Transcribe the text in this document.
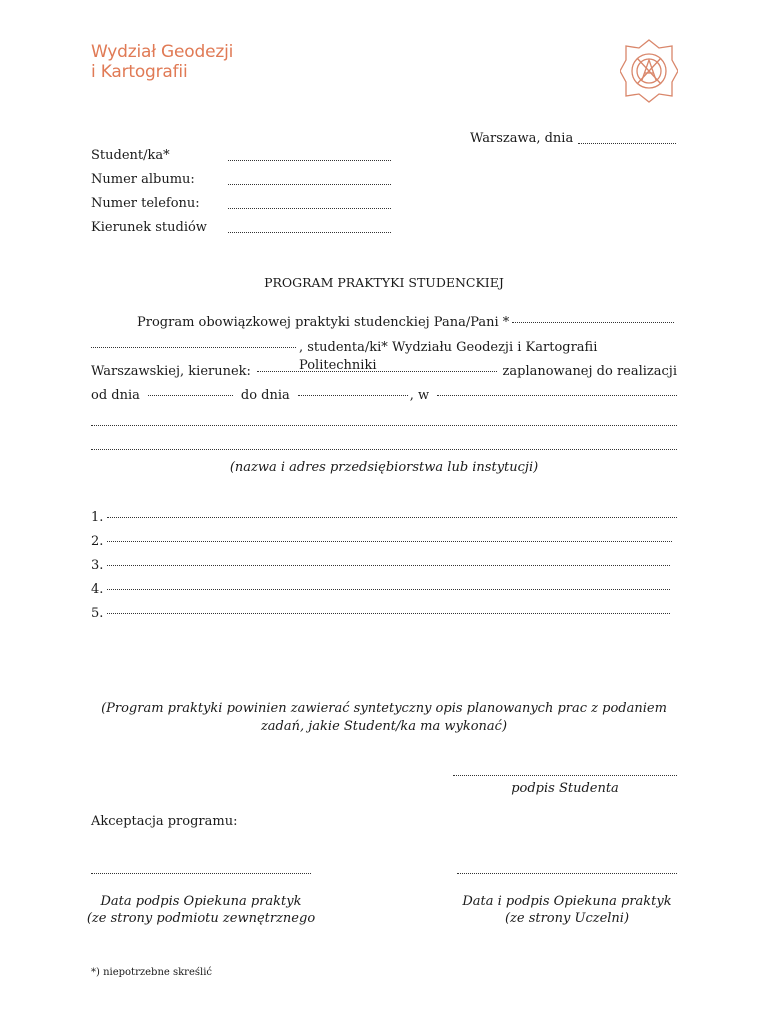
Wydział Geodezji
i Kartografii
Warszawa, dnia
Student/ka*
Numer albumu:
Numer telefonu:
Kierunek studiów
PROGRAM PRAKTYKI STUDENCKIEJ
Program obowiązkowej praktyki studenckiej Pana/Pani *
, studenta/ki* Wydziału Geodezji i Kartografii Politechniki
Warszawskiej, kierunek:	zaplanowanej do realizacji
od dnia	do dnia	, w
(nazwa i adres przedsiębiorstwa lub instytucji)
1.
2.
3.
4.
5.
(Program praktyki powinien zawierać syntetyczny opis planowanych prac z podaniem
zadań, jakie Student/ka ma wykonać)
podpis Studenta
Akceptacja programu:
Data podpis Opiekuna praktyk
(ze strony podmiotu zewnętrznego
Data i podpis Opiekuna praktyk
(ze strony Uczelni)
*) niepotrzebne skreślić
